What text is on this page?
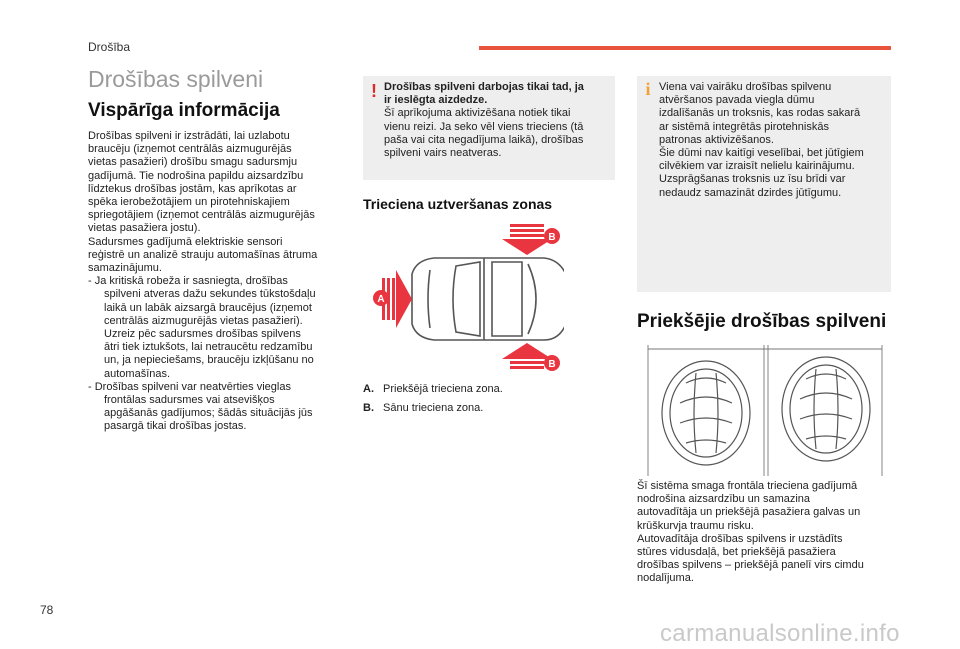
Drošība
Drošības spilveni
Vispārīga informācija

Drošības spilveni ir izstrādāti, lai uzlabotu

braucēju (izņemot centrālās aizmugurējās

vietas pasažieri) drošību smagu sadursmju

gadījumā. Tie nodrošina papildu aizsardzību

līdztekus drošības jostām, kas aprīkotas ar

spēka ierobežotājiem un pirotehniskajiem

spriegotājiem (izņemot centrālās aizmugurējās

vietas pasažiera jostu).

Sadursmes gadījumā elektriskie sensori

reģistrē un analizē strauju automašīnas ātruma

samazinājumu.

- Ja kritiskā robeža ir sasniegta, drošības

spilveni atveras dažu sekundes tūkstošdaļu

laikā un labāk aizsargā braucējus (izņemot

centrālās aizmugurējās vietas pasažieri).

Uzreiz pēc sadursmes drošības spilvens

ātri tiek iztukšots, lai netraucētu redzamību

un, ja nepieciešams, braucēju izkļūšanu no

automašīnas.

- Drošības spilveni var neatvērties vieglas

frontālas sadursmes vai atsevišķos

apgāšanās gadījumos; šādās situācijās jūs

pasargā tikai drošības jostas.

Drošības spilveni darbojas tikai tad, ja
ir ieslēgta aizdedze.
Šī aprīkojuma aktivizēšana notiek tikai
vienu reizi. Ja seko vēl viens trieciens (tā
paša vai cita negadījuma laikā), drošības
spilveni vairs neatveras.
!
Trieciena uztveršanas zonas
B
A
B
A. Priekšējā trieciena zona.
B. Sānu trieciena zona.
Viena vai vairāku drošības spilvenu
atvēršanos pavada viegla dūmu
izdalīšanās un troksnis, kas rodas sakarā
ar sistēmā integrētās pirotehniskās
patronas aktivizēšanos.
Šie dūmi nav kaitīgi veselībai, bet jūtīgiem
cilvēkiem var izraisīt nelielu kairinājumu.
Uzsprāgšanas troksnis uz īsu brīdi var
nedaudz samazināt dzirdes jūtīgumu.
i
Priekšējie drošības spilveni

Šī sistēma smaga frontāla trieciena gadījumā

nodrošina aizsardzību un samazina

autovadītāja un priekšējā pasažiera galvas un

krūškurvja traumu risku.

Autovadītāja drošības spilvens ir uzstādīts

stūres vidusdaļā, bet priekšējā pasažiera

drošības spilvens – priekšējā panelī virs cimdu

nodalījuma.

78
carmanualsonline.info
